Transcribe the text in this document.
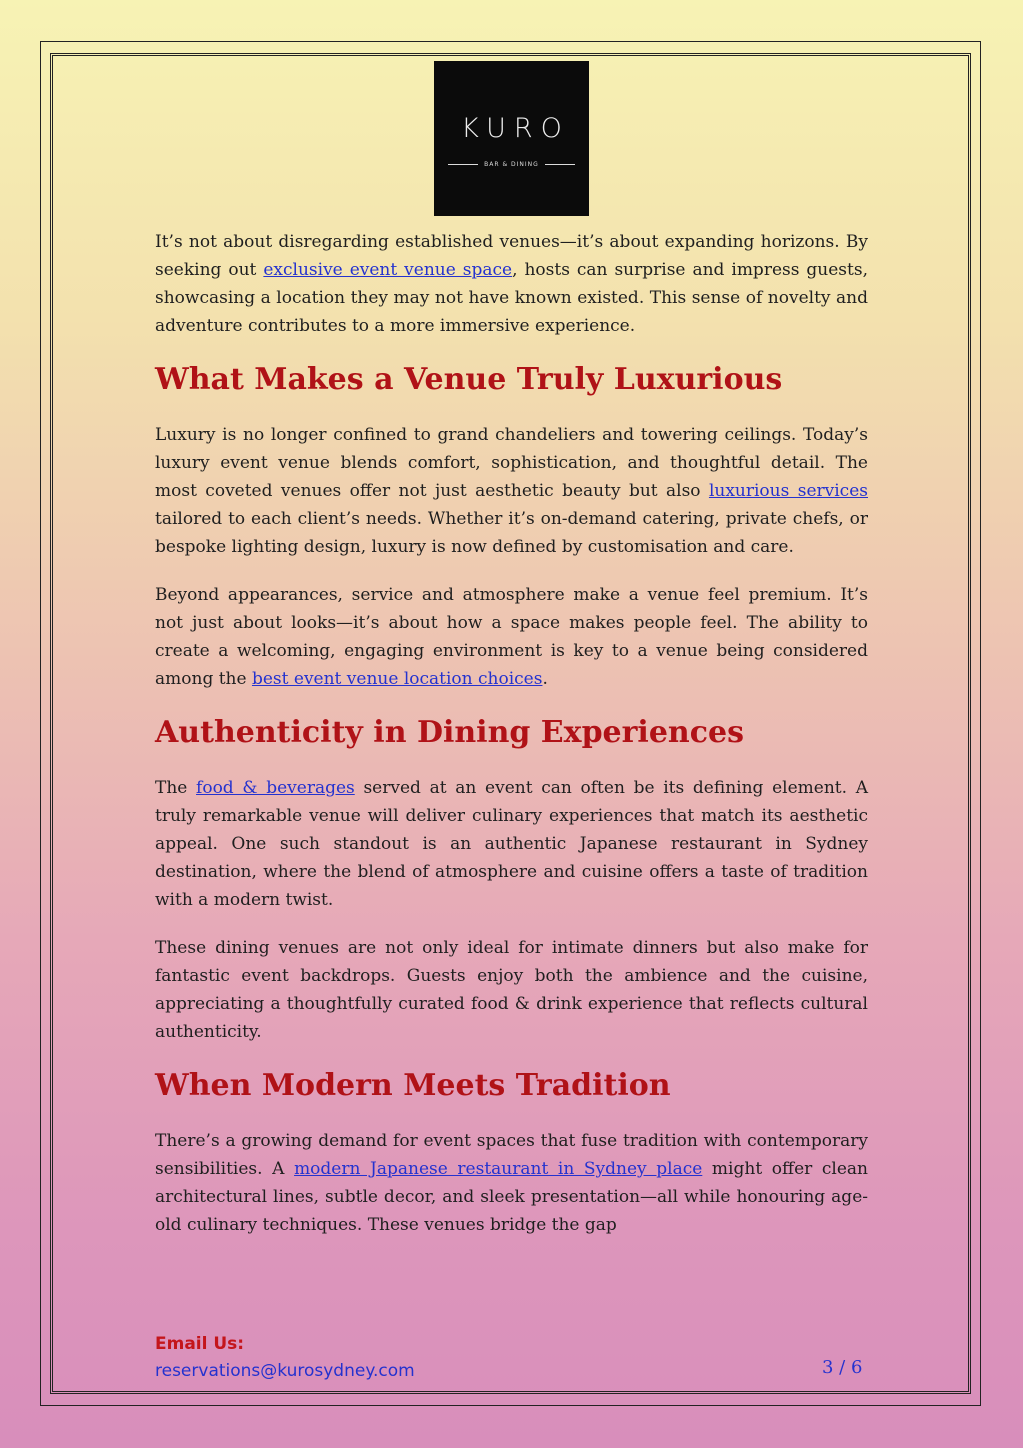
KURO
BAR & DINING

It’s not about disregarding established venues—it’s about expanding horizons. By seeking out exclusive event venue space, hosts can surprise and impress guests, showcasing a location they may not have known existed. This sense of novelty and adventure contributes to a more immersive experience.

What Makes a Venue Truly Luxurious

Luxury is no longer confined to grand chandeliers and towering ceilings. Today’s luxury event venue blends comfort, sophistication, and thoughtful detail. The most coveted venues offer not just aesthetic beauty but also luxurious services tailored to each client’s needs. Whether it’s on-demand catering, private chefs, or bespoke lighting design, luxury is now defined by customisation and care.

Beyond appearances, service and atmosphere make a venue feel premium. It’s not just about looks—it’s about how a space makes people feel. The ability to create a welcoming, engaging environment is key to a venue being considered among the best event venue location choices.

Authenticity in Dining Experiences

The food & beverages served at an event can often be its defining element. A truly remarkable venue will deliver culinary experiences that match its aesthetic appeal. One such standout is an authentic Japanese restaurant in Sydney destination, where the blend of atmosphere and cuisine offers a taste of tradition with a modern twist.

These dining venues are not only ideal for intimate dinners but also make for fantastic event backdrops. Guests enjoy both the ambience and the cuisine, appreciating a thoughtfully curated food & drink experience that reflects cultural authenticity.

When Modern Meets Tradition

There’s a growing demand for event spaces that fuse tradition with contemporary sensibilities. A modern Japanese restaurant in Sydney place might offer clean architectural lines, subtle decor, and sleek presentation—all while honouring age-old culinary techniques. These venues bridge the gap

Email Us:
reservations@kurosydney.com	3 / 6
